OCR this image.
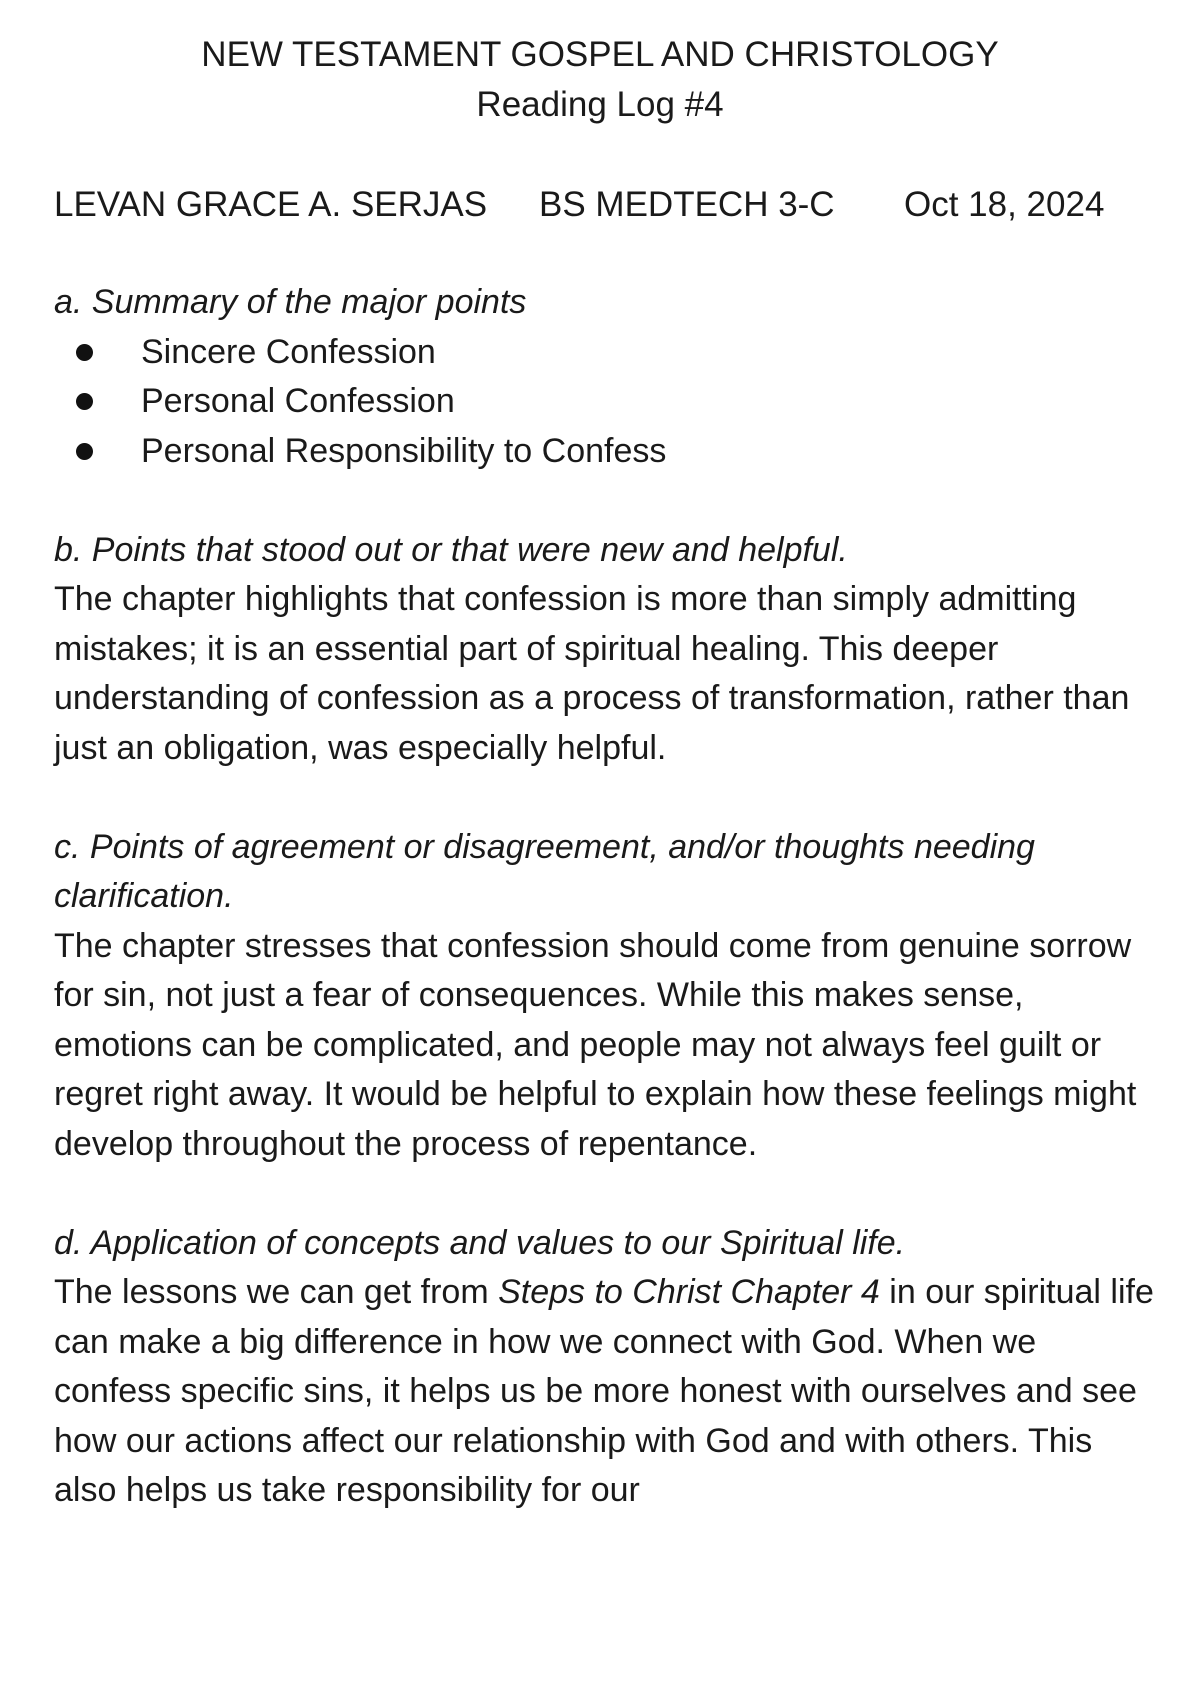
NEW TESTAMENT GOSPEL AND CHRISTOLOGY
Reading Log #4
LEVAN GRACE A. SERJAS BS MEDTECH 3-C Oct 18, 2024

a. Summary of the major points

Sincere Confession
Personal Confession
Personal Responsibility to Confess

b. Points that stood out or that were new and helpful.

The chapter highlights that confession is more than simply admitting mistakes; it is an essential part of spiritual healing. This deeper understanding of confession as a process of transformation, rather than just an obligation, was especially helpful.

c. Points of agreement or disagreement, and/or thoughts needing clarification.

The chapter stresses that confession should come from genuine sorrow for sin, not just a fear of consequences. While this makes sense, emotions can be complicated, and people may not always feel guilt or regret right away. It would be helpful to explain how these feelings might develop throughout the process of repentance.

d. Application of concepts and values to our Spiritual life.

The lessons we can get from Steps to Christ Chapter 4 in our spiritual life can make a big difference in how we connect with God. When we confess specific sins, it helps us be more honest with ourselves and see how our actions affect our relationship with God and with others. This also helps us take responsibility for our
